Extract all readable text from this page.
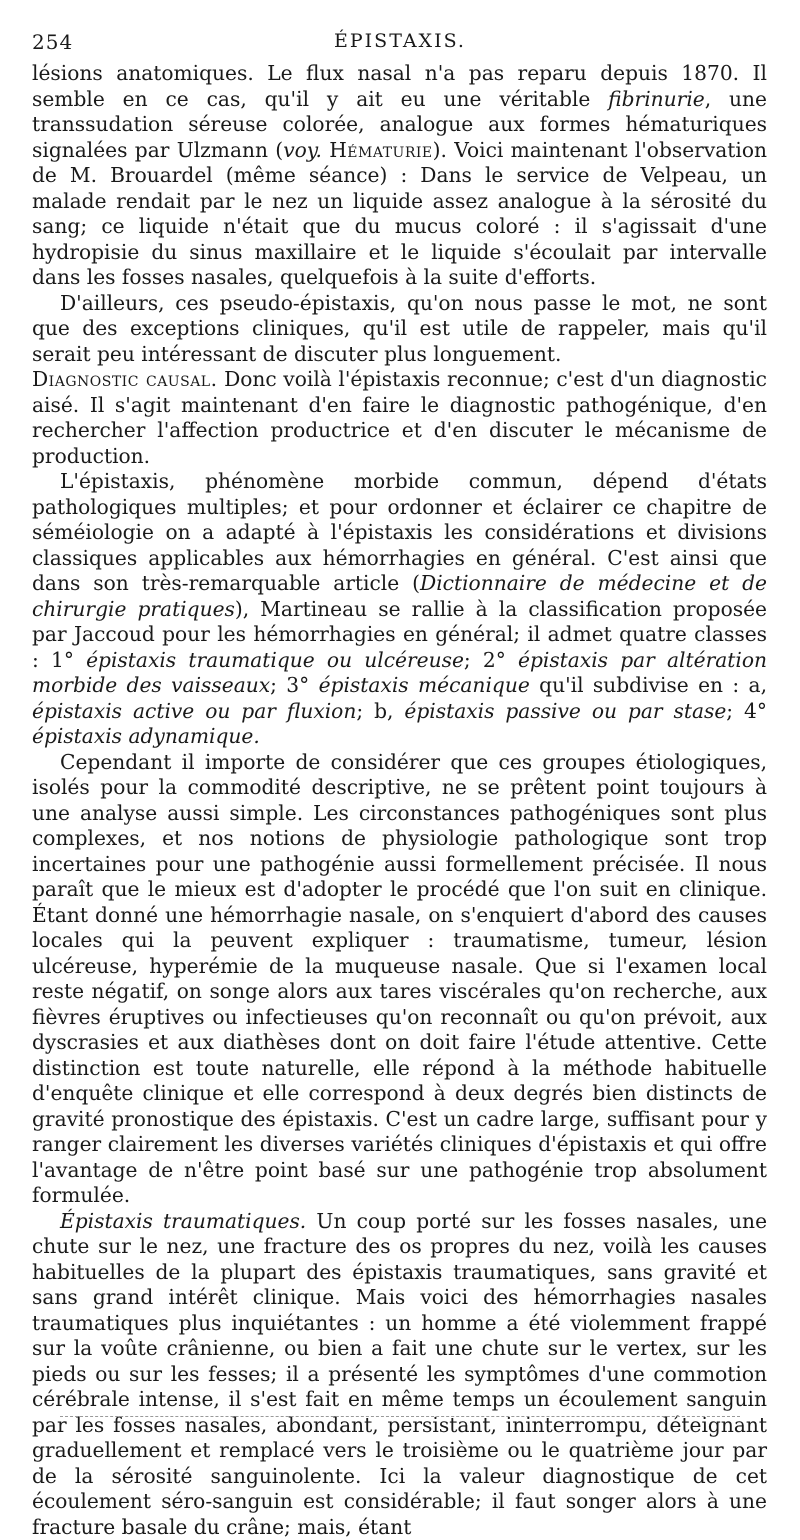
254	ÉPISTAXIS.

lésions anatomiques. Le flux nasal n'a pas reparu depuis 1870. Il semble en ce cas, qu'il y ait eu une véritable fibrinurie, une transsudation séreuse colorée, analogue aux formes hématuriques signalées par Ulzmann (voy. Hématurie). Voici maintenant l'observation de M. Brouardel (même séance) : Dans le service de Velpeau, un malade rendait par le nez un liquide assez analogue à la sérosité du sang; ce liquide n'était que du mucus coloré : il s'agissait d'une hydropisie du sinus maxillaire et le liquide s'écoulait par intervalle dans les fosses nasales, quelquefois à la suite d'efforts.

D'ailleurs, ces pseudo-épistaxis, qu'on nous passe le mot, ne sont que des exceptions cliniques, qu'il est utile de rappeler, mais qu'il serait peu intéressant de discuter plus longuement.

Diagnostic causal. Donc voilà l'épistaxis reconnue; c'est d'un diagnostic aisé. Il s'agit maintenant d'en faire le diagnostic pathogénique, d'en rechercher l'affection productrice et d'en discuter le mécanisme de production.

L'épistaxis, phénomène morbide commun, dépend d'états pathologiques multiples; et pour ordonner et éclairer ce chapitre de séméiologie on a adapté à l'épistaxis les considérations et divisions classiques applicables aux hémorrhagies en général. C'est ainsi que dans son très-remarquable article (Dictionnaire de médecine et de chirurgie pratiques), Martineau se rallie à la classification proposée par Jaccoud pour les hémorrhagies en général; il admet quatre classes : 1° épistaxis traumatique ou ulcéreuse; 2° épistaxis par altération morbide des vaisseaux; 3° épistaxis mécanique qu'il subdivise en : a, épistaxis active ou par fluxion; b, épistaxis passive ou par stase; 4° épistaxis adynamique.

Cependant il importe de considérer que ces groupes étiologiques, isolés pour la commodité descriptive, ne se prêtent point toujours à une analyse aussi simple. Les circonstances pathogéniques sont plus complexes, et nos notions de physiologie pathologique sont trop incertaines pour une pathogénie aussi formellement précisée. Il nous paraît que le mieux est d'adopter le procédé que l'on suit en clinique. Étant donné une hémorrhagie nasale, on s'enquiert d'abord des causes locales qui la peuvent expliquer : traumatisme, tumeur, lésion ulcéreuse, hyperémie de la muqueuse nasale. Que si l'examen local reste négatif, on songe alors aux tares viscérales qu'on recherche, aux fièvres éruptives ou infectieuses qu'on reconnaît ou qu'on prévoit, aux dyscrasies et aux diathèses dont on doit faire l'étude attentive. Cette distinction est toute naturelle, elle répond à la méthode habituelle d'enquête clinique et elle correspond à deux degrés bien distincts de gravité pronostique des épistaxis. C'est un cadre large, suffisant pour y ranger clairement les diverses variétés cliniques d'épistaxis et qui offre l'avantage de n'être point basé sur une pathogénie trop absolument formulée.

Épistaxis traumatiques. Un coup porté sur les fosses nasales, une chute sur le nez, une fracture des os propres du nez, voilà les causes habituelles de la plupart des épistaxis traumatiques, sans gravité et sans grand intérêt clinique. Mais voici des hémorrhagies nasales traumatiques plus inquiétantes : un homme a été violemment frappé sur la voûte crânienne, ou bien a fait une chute sur le vertex, sur les pieds ou sur les fesses; il a présenté les symptômes d'une commotion cérébrale intense, il s'est fait en même temps un écoulement sanguin par les fosses nasales, abondant, persistant, ininterrompu, déteignant graduellement et remplacé vers le troisième ou le quatrième jour par de la sérosité sanguinolente. Ici la valeur diagnostique de cet écoulement séro-sanguin est considérable; il faut songer alors à une fracture basale du crâne; mais, étant
